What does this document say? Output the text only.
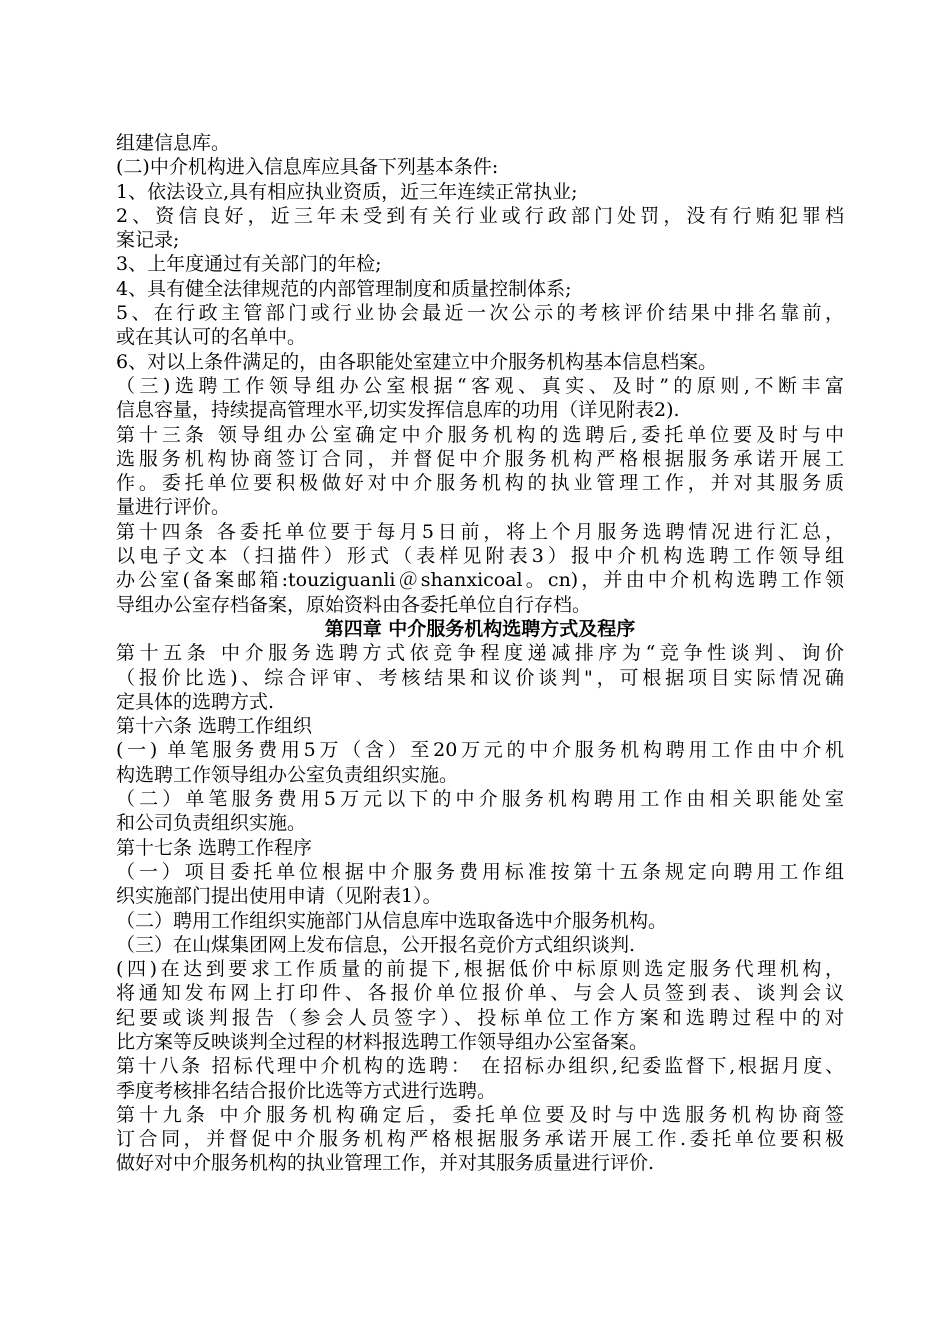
组建信息库。
(二)中介机构进入信息库应具备下列基本条件:
1、依法设立,具有相应执业资质，近三年连续正常执业;
2、资信良好，近三年未受到有关行业或行政部门处罚，没有行贿犯罪档
案记录;
3、上年度通过有关部门的年检;
4、具有健全法律规范的内部管理制度和质量控制体系;
5、在行政主管部门或行业协会最近一次公示的考核评价结果中排名靠前，
或在其认可的名单中。
6、对以上条件满足的，由各职能处室建立中介服务机构基本信息档案。
（三)选聘工作领导组办公室根据“客观、真实、及时”的原则,不断丰富
信息容量，持续提高管理水平,切实发挥信息库的功用（详见附表2).
第十三条 领导组办公室确定中介服务机构的选聘后,委托单位要及时与中
选服务机构协商签订合同，并督促中介服务机构严格根据服务承诺开展工
作。委托单位要积极做好对中介服务机构的执业管理工作，并对其服务质
量进行评价。
第十四条 各委托单位要于每月5日前，将上个月服务选聘情况进行汇总，
以电子文本（扫描件）形式（表样见附表3）报中介机构选聘工作领导组
办公室(备案邮箱:touziguanli＠shanxicoal。cn)，并由中介机构选聘工作领
导组办公室存档备案，原始资料由各委托单位自行存档。
第四章 中介服务机构选聘方式及程序
第十五条 中介服务选聘方式依竞争程度递减排序为“竞争性谈判、询价
（报价比选)、综合评审、考核结果和议价谈判"，可根据项目实际情况确
定具体的选聘方式.
第十六条 选聘工作组织
(一) 单笔服务费用5万（含）至20万元的中介服务机构聘用工作由中介机
构选聘工作领导组办公室负责组织实施。
（二）单笔服务费用5万元以下的中介服务机构聘用工作由相关职能处室
和公司负责组织实施。
第十七条 选聘工作程序
（一）项目委托单位根据中介服务费用标准按第十五条规定向聘用工作组
织实施部门提出使用申请（见附表1）。
（二）聘用工作组织实施部门从信息库中选取备选中介服务机构。
（三）在山煤集团网上发布信息，公开报名竞价方式组织谈判.
(四)在达到要求工作质量的前提下,根据低价中标原则选定服务代理机构，
将通知发布网上打印件、各报价单位报价单、与会人员签到表、谈判会议
纪要或谈判报告（参会人员签字）、投标单位工作方案和选聘过程中的对
比方案等反映谈判全过程的材料报选聘工作领导组办公室备案。
第十八条 招标代理中介机构的选聘： 在招标办组织,纪委监督下,根据月度、
季度考核排名结合报价比选等方式进行选聘。
第十九条 中介服务机构确定后，委托单位要及时与中选服务机构协商签
订合同，并督促中介服务机构严格根据服务承诺开展工作.委托单位要积极
做好对中介服务机构的执业管理工作，并对其服务质量进行评价.
